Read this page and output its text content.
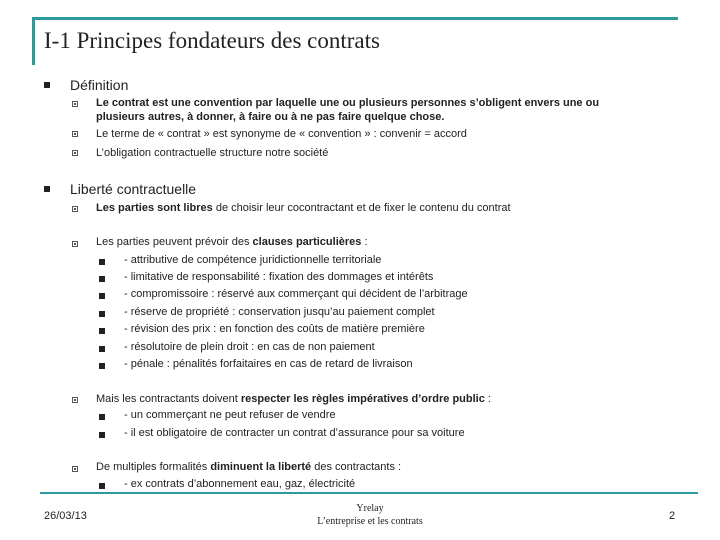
I-1 Principes fondateurs des contrats
Définition
Le contrat est une convention par laquelle une ou plusieurs personnes s’obligent envers une ou
plusieurs autres, à donner, à faire ou à ne pas faire quelque chose.
Le terme de « contrat » est synonyme de « convention » : convenir = accord
L’obligation contractuelle structure notre société
Liberté contractuelle
Les parties sont libres de choisir leur cocontractant et de fixer le contenu du contrat
Les parties peuvent prévoir des clauses particulières :
- attributive de compétence juridictionnelle territoriale
- limitative de responsabilité : fixation des dommages et intérêts
- compromissoire : réservé aux commerçant qui décident de l’arbitrage
- réserve de propriété : conservation jusqu’au paiement complet
- révision des prix : en fonction des coûts de matière première
- résolutoire de plein droit : en cas de non paiement
- pénale : pénalités forfaitaires en cas de retard de livraison
Mais les contractants doivent respecter les règles impératives d’ordre public :
- un commerçant ne peut refuser de vendre
- il est obligatoire de contracter un contrat d’assurance pour sa voiture
De multiples formalités diminuent la liberté des contractants :
- ex contrats d’abonnement eau, gaz, électricité
26/03/13
Yrelay
L’entreprise et les contrats	2
